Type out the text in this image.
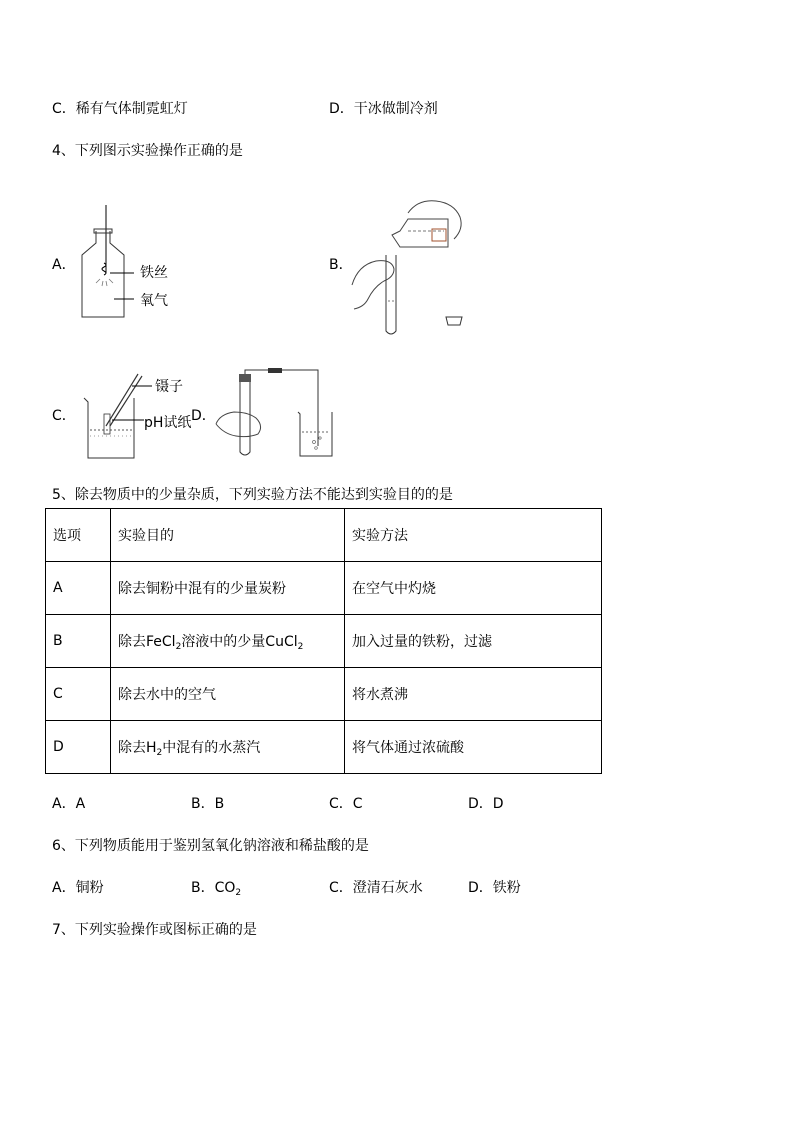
C．稀有气体制霓虹灯	D．干冰做制冷剂
4、下列图示实验操作正确的是
A．	铁丝
氧气
B．
C．
镊子
pH试纸 D．
5、除去物质中的少量杂质，下列实验方法不能达到实验目的的是
选项	实验目的	实验方法
A	除去铜粉中混有的少量炭粉	在空气中灼烧
B	除去FeCl$_2$溶液中的少量CuCl$_2$	加入过量的铁粉，过滤
C	除去水中的空气	将水煮沸
D	除去$H_2$中混有的水蒸汽	将气体通过浓硫酸
A．A	B．B	C．C	D．D
6、下列物质能用于鉴别氢氧化钠溶液和稀盐酸的是
A．铜粉	B．$CO_2$	C．澄清石灰水	D．铁粉
7、下列实验操作或图标正确的是
